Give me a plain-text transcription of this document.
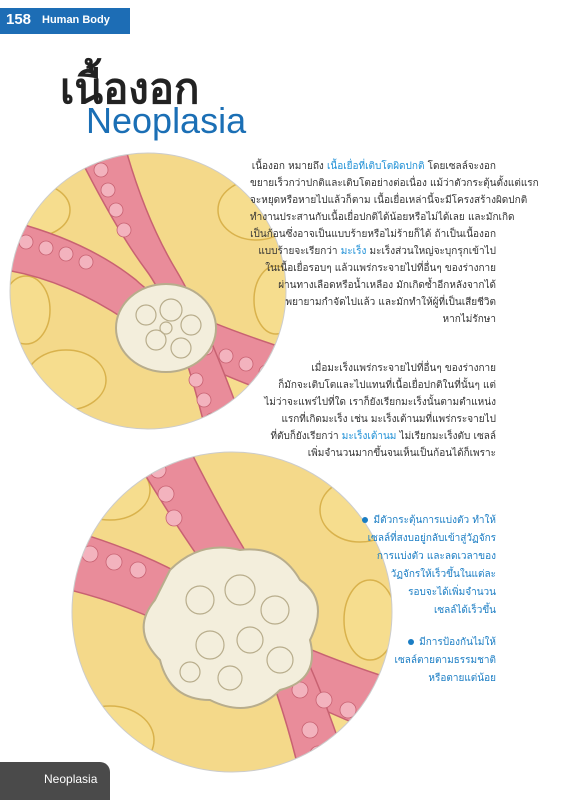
158 Human Body
เนื้องอก
Neoplasia

เนื้องอก หมายถึง เนื้อเยื่อที่เติบโตผิดปกติ โดยเซลล์จะงอก

ขยายเร็วกว่าปกติและเติบโตอย่างต่อเนื่อง แม้ว่าตัวกระตุ้นตั้งแต่แรก

จะหยุดหรือหายไปแล้วก็ตาม เนื้อเยื่อเหล่านี้จะมีโครงสร้างผิดปกติ

ทำงานประสานกับเนื้อเยื่อปกติได้น้อยหรือไม่ได้เลย และมักเกิด

เป็นก้อนซึ่งอาจเป็นแบบร้ายหรือไม่ร้ายก็ได้ ถ้าเป็นเนื้องอก

แบบร้ายจะเรียกว่า มะเร็ง มะเร็งส่วนใหญ่จะบุกรุกเข้าไป

ในเนื้อเยื่อรอบๆ แล้วแพร่กระจายไปที่อื่นๆ ของร่างกาย

ผ่านทางเลือดหรือน้ำเหลือง มักเกิดซ้ำอีกหลังจากได้

พยายามกำจัดไปแล้ว และมักทำให้ผู้ที่เป็นเสียชีวิต

หากไม่รักษา

เมื่อมะเร็งแพร่กระจายไปที่อื่นๆ ของร่างกาย

ก็มักจะเติบโตและไปแทนที่เนื้อเยื่อปกติในที่นั้นๆ แต่

ไม่ว่าจะแพร่ไปที่ใด เราก็ยังเรียกมะเร็งนั้นตามตำแหน่ง

แรกที่เกิดมะเร็ง เช่น มะเร็งเต้านมที่แพร่กระจายไป

ที่ตับก็ยังเรียกว่า มะเร็งเต้านม ไม่เรียกมะเร็งตับ เซลล์

เพิ่มจำนวนมากขึ้นจนเห็นเป็นก้อนได้ก็เพราะ

มีตัวกระตุ้นการแบ่งตัว ทำให้

เซลล์ที่สงบอยู่กลับเข้าสู่วัฏจักร

การแบ่งตัว และลดเวลาของ

วัฏจักรให้เร็วขึ้นในแต่ละ

รอบจะได้เพิ่มจำนวน

เซลล์ได้เร็วขึ้น

มีการป้องกันไม่ให้

เซลล์ตายตามธรรมชาติ

หรือตายแต่น้อย

Neoplasia
